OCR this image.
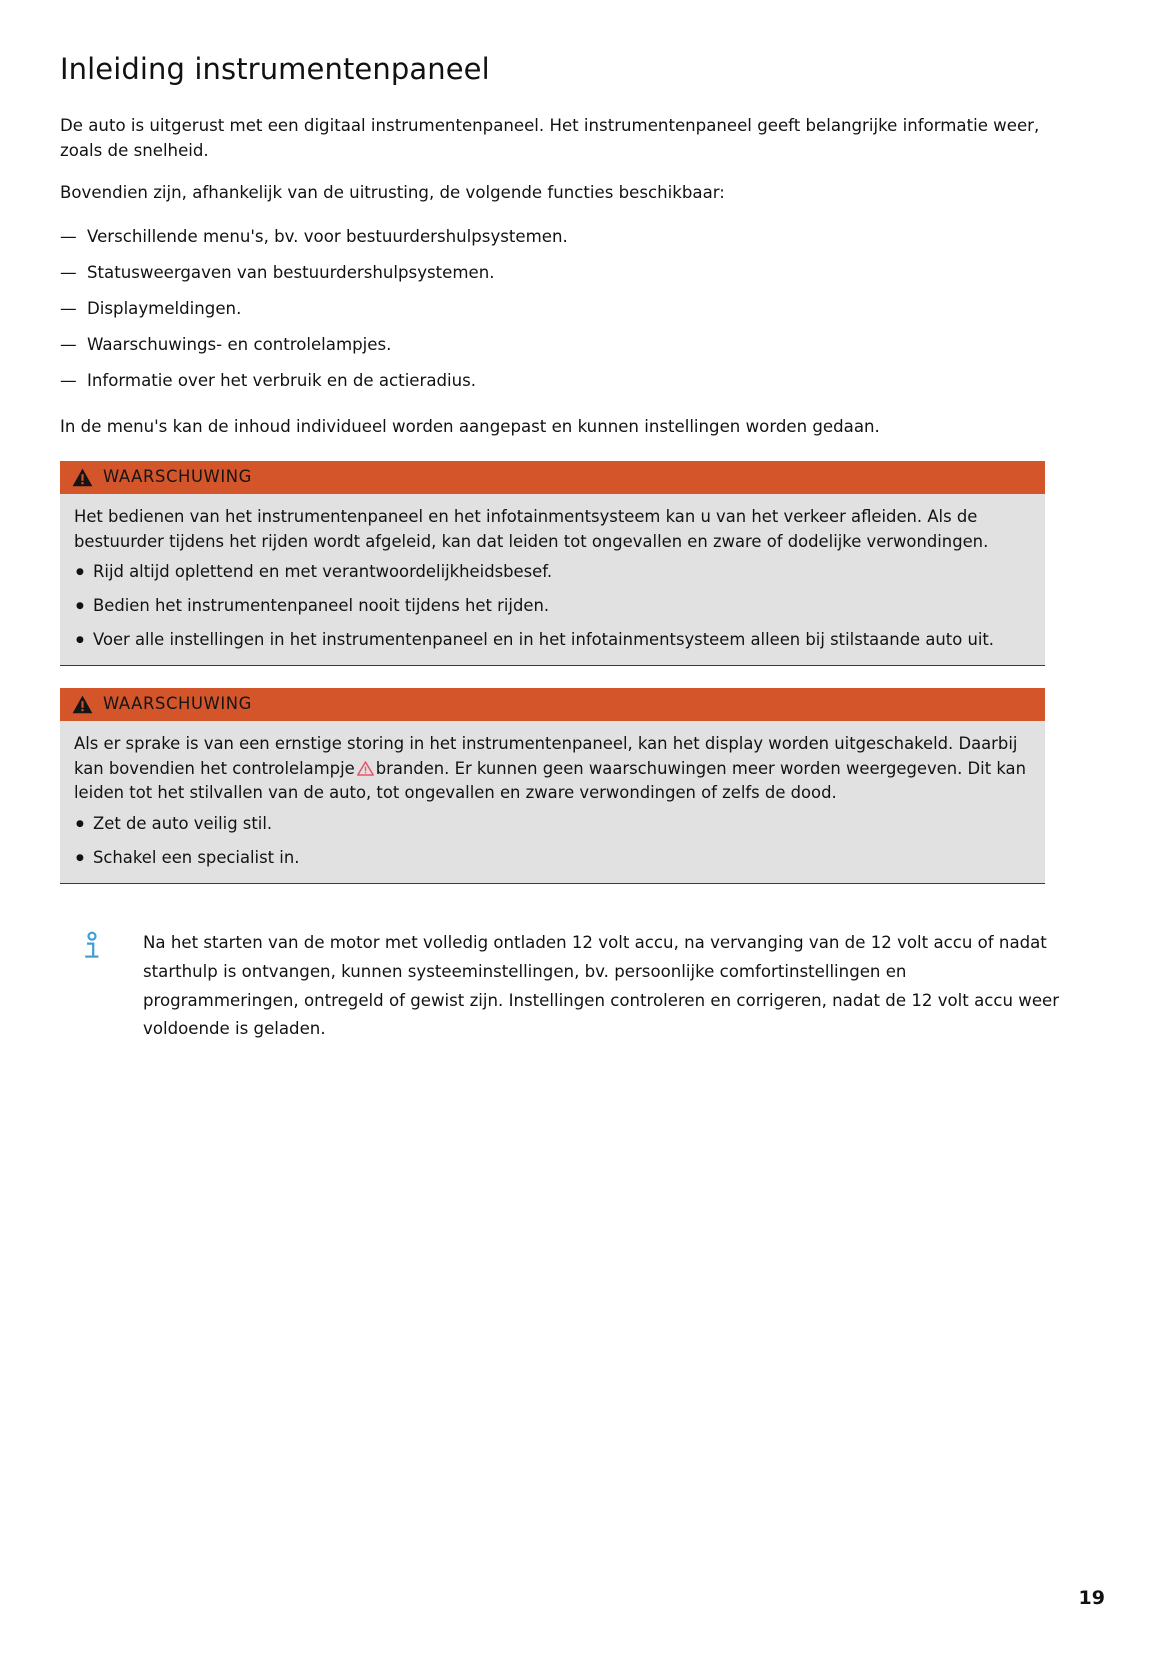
Inleiding instrumentenpaneel

De auto is uitgerust met een digitaal instrumentenpaneel. Het instrumentenpaneel geeft belangrijke informatie weer, zoals de snelheid.

Bovendien zijn, afhankelijk van de uitrusting, de volgende functies beschikbaar:

— Verschillende menu's, bv. voor bestuurdershulpsystemen.
— Statusweergaven van bestuurdershulpsystemen.
— Displaymeldingen.
— Waarschuwings- en controlelampjes.
— Informatie over het verbruik en de actieradius.

In de menu's kan de inhoud individueel worden aangepast en kunnen instellingen worden gedaan.

WAARSCHUWING

Het bedienen van het instrumentenpaneel en het infotainmentsysteem kan u van het verkeer afleiden. Als de bestuurder tijdens het rijden wordt afgeleid, kan dat leiden tot ongevallen en zware of dodelijke verwondingen.

● Rijd altijd oplettend en met verantwoordelijkheidsbesef.
● Bedien het instrumentenpaneel nooit tijdens het rijden.
● Voer alle instellingen in het instrumentenpaneel en in het infotainmentsysteem alleen bij stilstaande auto uit.
WAARSCHUWING

Als er sprake is van een ernstige storing in het instrumentenpaneel, kan het display worden uitgeschakeld. Daarbij kan bovendien het controlelampje branden. Er kunnen geen waarschuwingen meer worden weergegeven. Dit kan leiden tot het stilvallen van de auto, tot ongevallen en zware verwondingen of zelfs de dood.

● Zet de auto veilig stil.
● Schakel een specialist in.

Na het starten van de motor met volledig ontladen 12 volt accu, na vervanging van de 12 volt accu of nadat starthulp is ontvangen, kunnen systeeminstellingen, bv. persoonlijke comfortinstellingen en programmeringen, ontregeld of gewist zijn. Instellingen controleren en corrigeren, nadat de 12 volt accu weer voldoende is geladen.

19
